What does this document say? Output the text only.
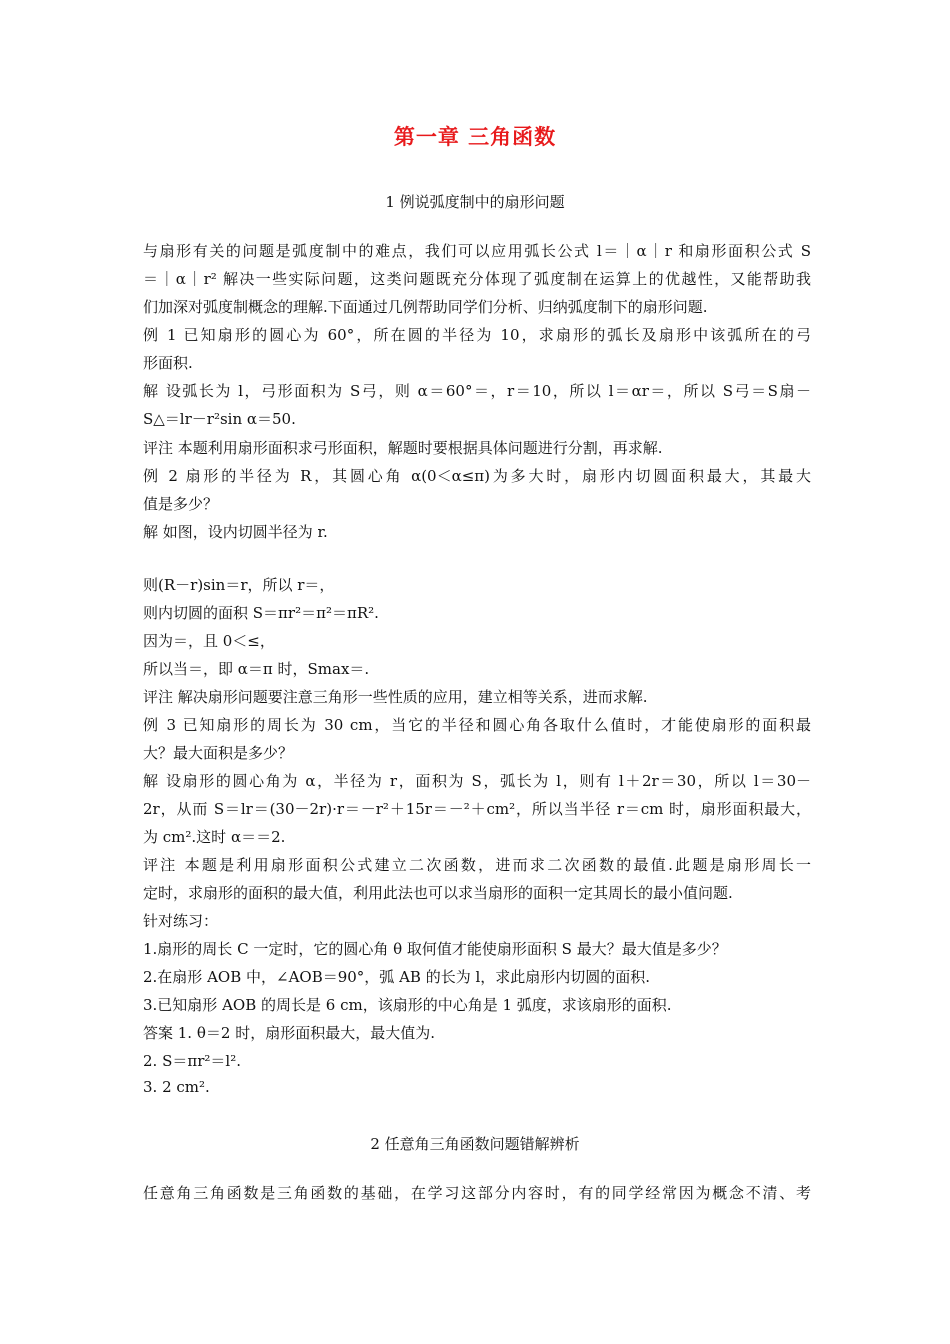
第一章 三角函数
1 例说弧度制中的扇形问题
与扇形有关的问题是弧度制中的难点，我们可以应用弧长公式 l＝｜α｜r 和扇形面积公式 S
＝｜α｜r² 解决一些实际问题，这类问题既充分体现了弧度制在运算上的优越性，又能帮助我
们加深对弧度制概念的理解.下面通过几例帮助同学们分析、归纳弧度制下的扇形问题.
例 1 已知扇形的圆心为 60°，所在圆的半径为 10，求扇形的弧长及扇形中该弧所在的弓
形面积.
解 设弧长为 l，弓形面积为 S弓，则 α＝60°＝，r＝10，所以 l＝αr＝，所以 S弓＝S扇－
S△＝lr－r²sin α＝50.
评注 本题利用扇形面积求弓形面积，解题时要根据具体问题进行分割，再求解.
例 2 扇形的半径为 R，其圆心角 α(0＜α≤π)为多大时，扇形内切圆面积最大，其最大
值是多少？
解 如图，设内切圆半径为 r.
则(R－r)sin＝r，所以 r＝，
则内切圆的面积 S＝πr²＝π²＝πR².
因为＝，且 0＜≤，
所以当＝，即 α＝π 时，Smax＝.
评注 解决扇形问题要注意三角形一些性质的应用，建立相等关系，进而求解.
例 3 已知扇形的周长为 30 cm，当它的半径和圆心角各取什么值时，才能使扇形的面积最
大？最大面积是多少？
解 设扇形的圆心角为 α，半径为 r，面积为 S，弧长为 l，则有 l＋2r＝30，所以 l＝30－
2r，从而 S＝lr＝(30－2r)·r＝－r²＋15r＝－²＋cm²，所以当半径 r＝cm 时，扇形面积最大，
为 cm².这时 α＝＝2.
评注 本题是利用扇形面积公式建立二次函数，进而求二次函数的最值.此题是扇形周长一
定时，求扇形的面积的最大值，利用此法也可以求当扇形的面积一定其周长的最小值问题.
针对练习：
1.扇形的周长 C 一定时，它的圆心角 θ 取何值才能使扇形面积 S 最大？最大值是多少？
2.在扇形 AOB 中，∠AOB＝90°，弧 AB 的长为 l，求此扇形内切圆的面积.
3.已知扇形 AOB 的周长是 6 cm，该扇形的中心角是 1 弧度，求该扇形的面积.
答案 1. θ＝2 时，扇形面积最大，最大值为.
2. S＝πr²＝l².
3. 2 cm².
2 任意角三角函数问题错解辨析
任意角三角函数是三角函数的基础，在学习这部分内容时，有的同学经常因为概念不清、考
